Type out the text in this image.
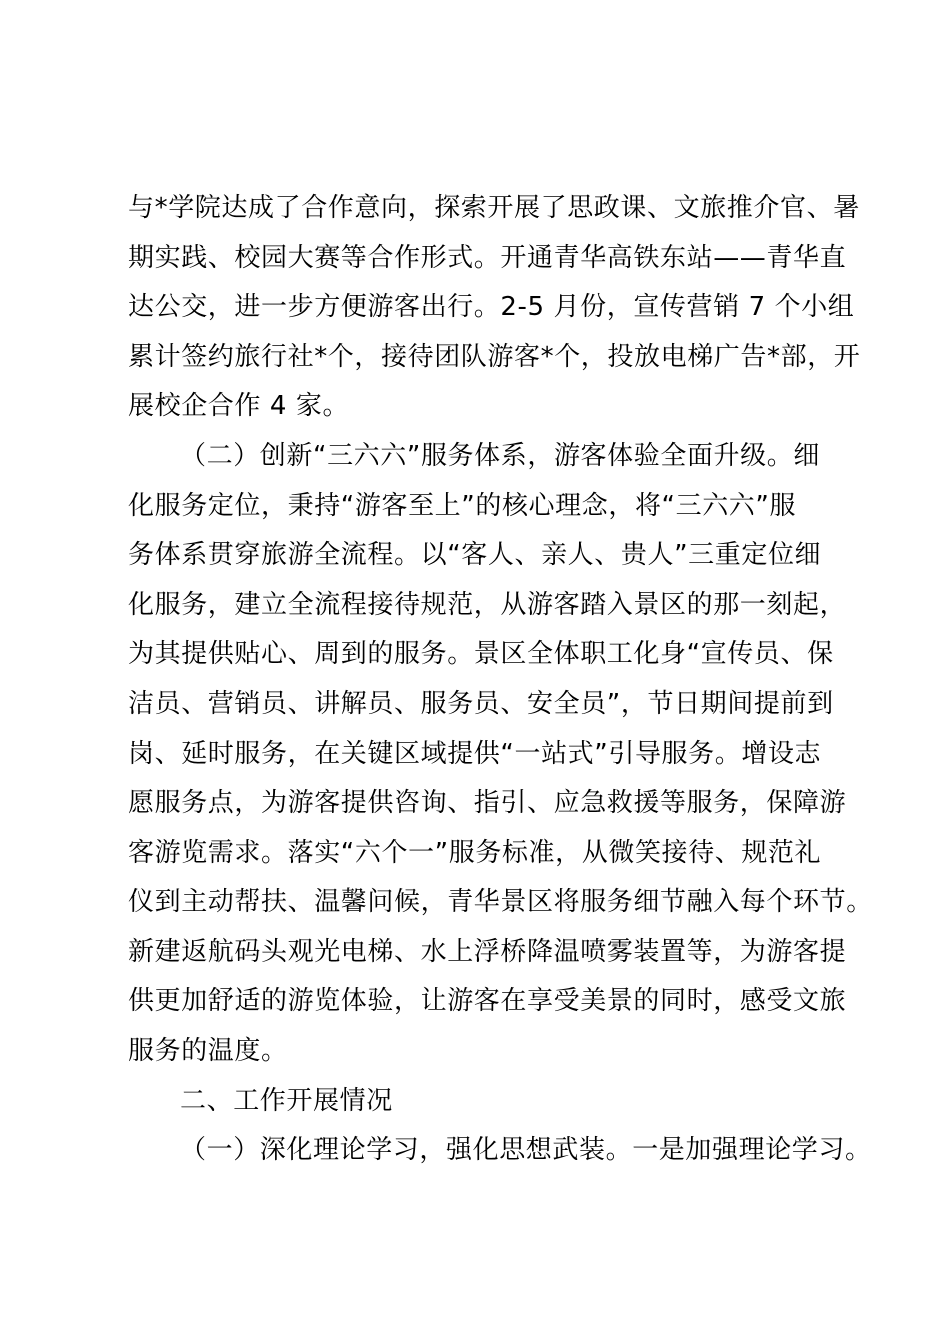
与*学院达成了合作意向，探索开展了思政课、文旅推介官、暑
期实践、校园大赛等合作形式。开通青华高铁东站——青华直
达公交，进一步方便游客出行。2-5 月份，宣传营销 7 个小组
累计签约旅行社*个，接待团队游客*个，投放电梯广告*部，开
展校企合作 4 家。
（二）创新“三六六”服务体系，游客体验全面升级。细
化服务定位，秉持“游客至上”的核心理念，将“三六六”服
务体系贯穿旅游全流程。以“客人、亲人、贵人”三重定位细
化服务，建立全流程接待规范，从游客踏入景区的那一刻起，
为其提供贴心、周到的服务。景区全体职工化身“宣传员、保
洁员、营销员、讲解员、服务员、安全员”，节日期间提前到
岗、延时服务，在关键区域提供“一站式”引导服务。增设志
愿服务点，为游客提供咨询、指引、应急救援等服务，保障游
客游览需求。落实“六个一”服务标准，从微笑接待、规范礼
仪到主动帮扶、温馨问候，青华景区将服务细节融入每个环节。
新建返航码头观光电梯、水上浮桥降温喷雾装置等，为游客提
供更加舒适的游览体验，让游客在享受美景的同时，感受文旅
服务的温度。
二、工作开展情况
（一）深化理论学习，强化思想武装。一是加强理论学习。
